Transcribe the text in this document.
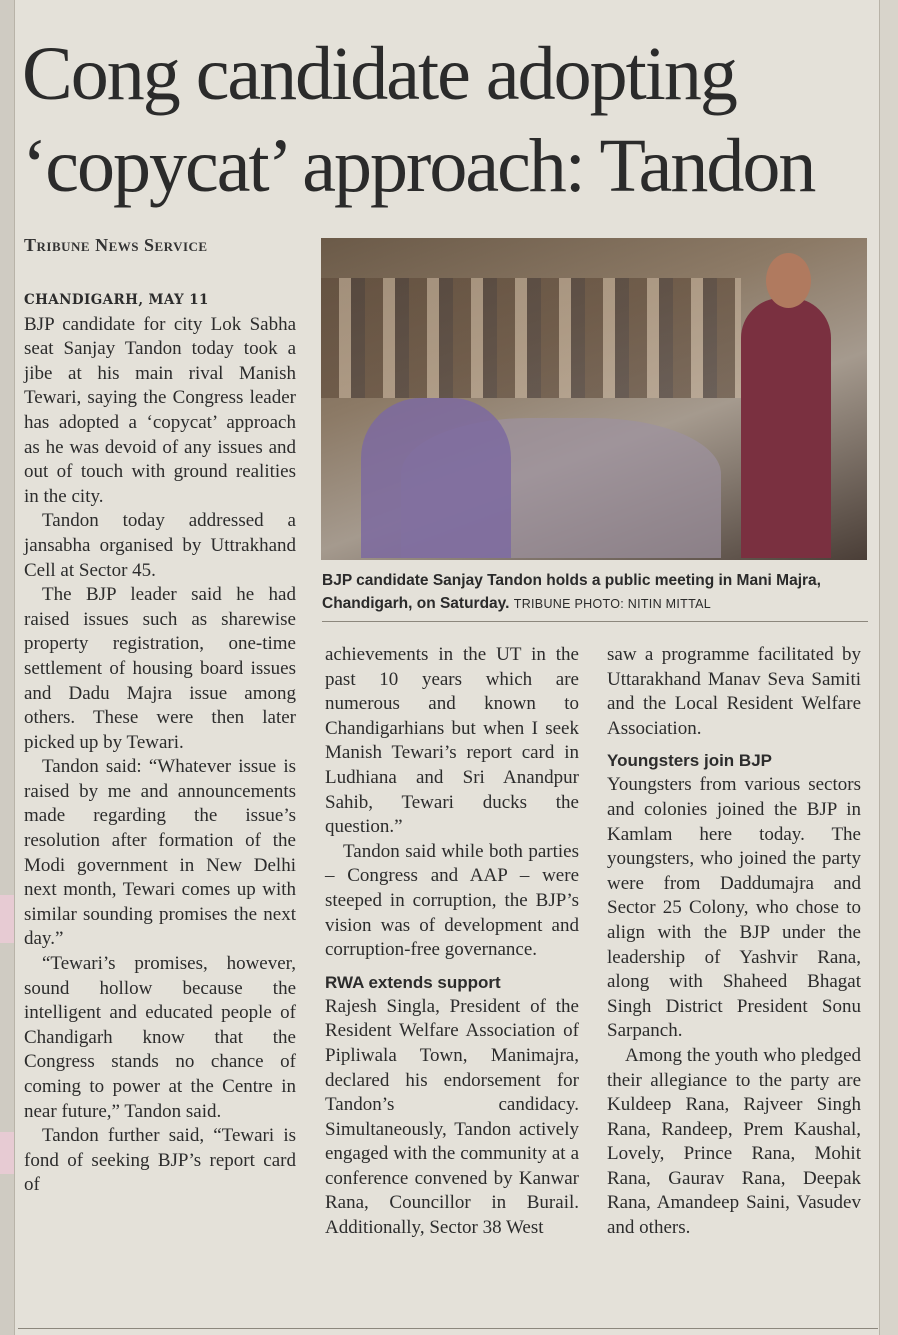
Cong candidate adopting ‘copycat’ approach: Tandon
Tribune News Service

BJP candidate Sanjay Tandon holds a public meeting in Mani Majra, Chandigarh, on Saturday. TRIBUNE PHOTO: NITIN MITTAL

CHANDIGARH, MAY 11

BJP candidate for city Lok Sabha seat Sanjay Tandon today took a jibe at his main rival Manish Tewari, saying the Congress leader has adopted a ‘copycat’ approach as he was devoid of any issues and out of touch with ground realities in the city.

Tandon today addressed a jansabha organised by Uttrakhand Cell at Sector 45.

The BJP leader said he had raised issues such as sharewise property registration, one-time settlement of housing board issues and Dadu Majra issue among others. These were then later picked up by Tewari.

Tandon said: “Whatever issue is raised by me and announcements made regarding the issue’s resolution after formation of the Modi government in New Delhi next month, Tewari comes up with similar sounding promises the next day.”

“Tewari’s promises, however, sound hollow because the intelligent and educated people of Chandigarh know that the Congress stands no chance of coming to power at the Centre in near future,” Tandon said.

Tandon further said, “Tewari is fond of seeking BJP’s report card of

achievements in the UT in the past 10 years which are numerous and known to Chandigarhians but when I seek Manish Tewari’s report card in Ludhiana and Sri Anandpur Sahib, Tewari ducks the question.”

Tandon said while both parties – Congress and AAP – were steeped in corruption, the BJP’s vision was of development and corruption-free governance.

RWA extends support

Rajesh Singla, President of the Resident Welfare Association of Pipliwala Town, Manimajra, declared his endorsement for Tandon’s candidacy. Simultaneously, Tandon actively engaged with the community at a conference convened by Kanwar Rana, Councillor in Burail. Additionally, Sector 38 West

saw a programme facilitated by Uttarakhand Manav Seva Samiti and the Local Resident Welfare Association.

Youngsters join BJP

Youngsters from various sectors and colonies joined the BJP in Kamlam here today. The youngsters, who joined the party were from Daddumajra and Sector 25 Colony, who chose to align with the BJP under the leadership of Yashvir Rana, along with Shaheed Bhagat Singh District President Sonu Sarpanch.

Among the youth who pledged their allegiance to the party are Kuldeep Rana, Rajveer Singh Rana, Randeep, Prem Kaushal, Lovely, Prince Rana, Mohit Rana, Gaurav Rana, Deepak Rana, Amandeep Saini, Vasudev and others.
